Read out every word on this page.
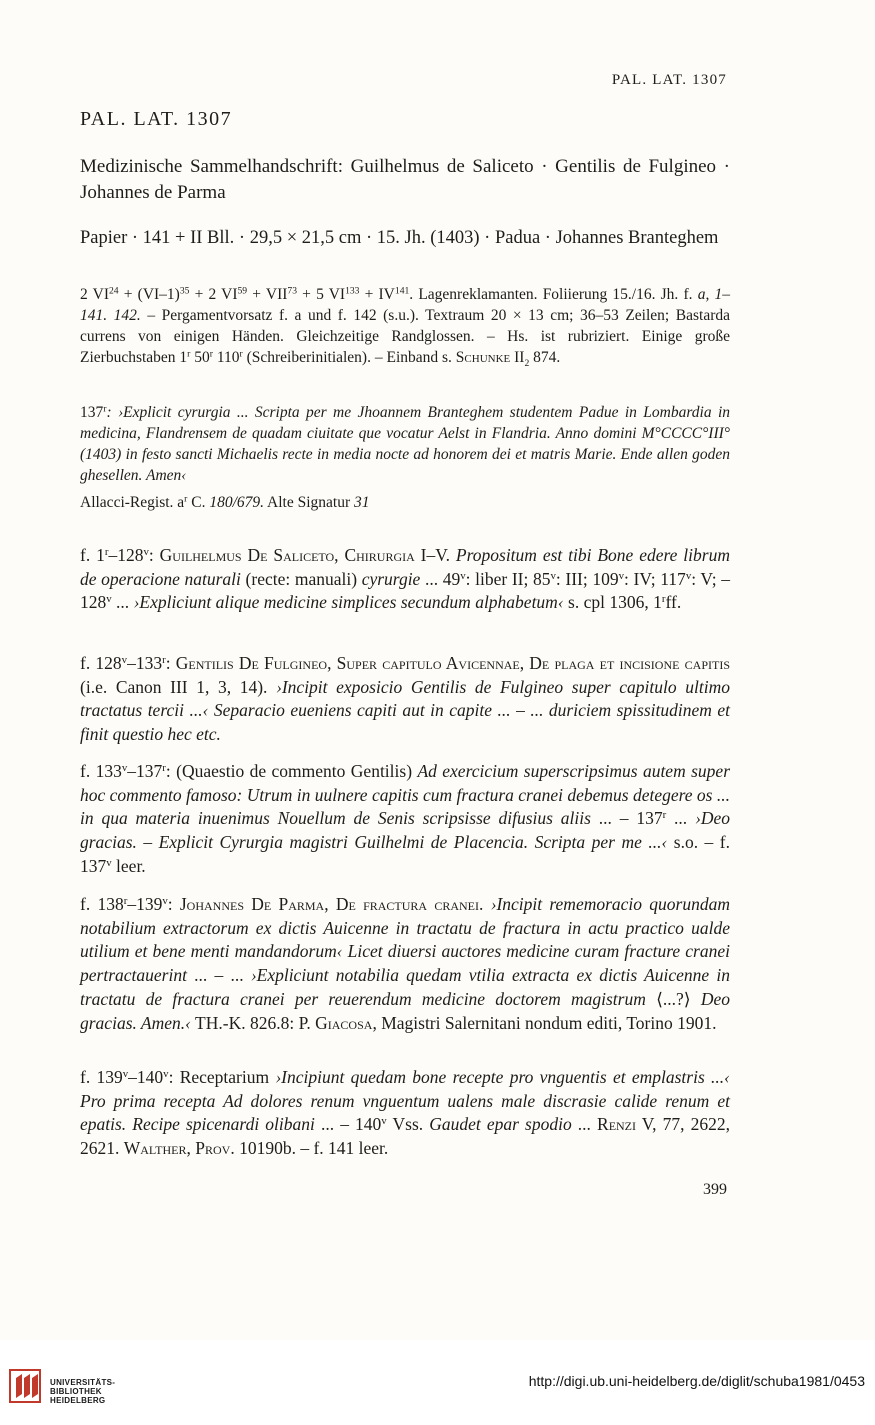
PAL. LAT. 1307
PAL. LAT. 1307
Medizinische Sammelhandschrift: Guilhelmus de Saliceto · Gentilis de Fulgineo · Johannes de Parma
Papier · 141 + II Bll. · 29,5 × 21,5 cm · 15. Jh. (1403) · Padua · Johannes Branteghem
2 $VI^{24} + (VI-1)^{35} + 2$ $VI^{59} + VII^{73} + 5$ $VI^{133} + IV^{141}$. Lagenreklamanten. Foliierung 15./16. Jh. f. a, 1–141. 142. – Pergamentvorsatz f. a und f. 142 (s.u.). Textraum 20 × 13 cm; 36–53 Zeilen; Bastarda currens von einigen Händen. Gleichzeitige Randglossen. – Hs. ist rubriziert. Einige große Zierbuchstaben 1$^r$ 50$^r$ 110$^r$ (Schreiberinitialen). – Einband s. Schunke $II_2$ 874.
137$^r$: ›Explicit cyrurgia ... Scripta per me Jhoannem Branteghem studentem Padue in Lombardia in medicina, Flandrensem de quadam ciuitate que vocatur Aelst in Flandria. Anno domini M°CCCC°III° (1403) in festo sancti Michaelis recte in media nocte ad honorem dei et matris Marie. Ende allen goden ghesellen. Amen‹
Allacci-Regist. $a^r$ C. 180/679. Alte Signatur 31
f. 1$^r$–128$^v$: Guilhelmus De Saliceto, Chirurgia I–V. Propositum est tibi Bone edere librum de operacione naturali (recte: manuali) cyrurgie ... 49$^v$: liber II; 85$^v$: III; 109$^v$: IV; 117$^v$: V; – 128$^v$ ... ›Expliciunt alique medicine simplices secundum alphabetum‹ s. cpl 1306, 1$^r$ff.
f. 128$^v$–133$^r$: Gentilis De Fulgineo, Super capitulo Avicennae, De plaga et incisione capitis (i.e. Canon III 1, 3, 14). ›Incipit exposicio Gentilis de Fulgineo super capitulo ultimo tractatus tercii ...‹ Separacio eueniens capiti aut in capite ... – ... duriciem spissitudinem et finit questio hec etc.
f. 133$^v$–137$^r$: (Quaestio de commento Gentilis) Ad exercicium superscripsimus autem super hoc commento famoso: Utrum in uulnere capitis cum fractura cranei debemus detegere os ... in qua materia inuenimus Nouellum de Senis scripsisse difusius aliis ... – 137$^r$ ... ›Deo gracias. – Explicit Cyrurgia magistri Guilhelmi de Placencia. Scripta per me ...‹ s.o. – f. 137$^v$ leer.
f. 138$^r$–139$^v$: Johannes De Parma, De fractura cranei. ›Incipit rememoracio quorundam notabilium extractorum ex dictis Auicenne in tractatu de fractura in actu practico ualde utilium et bene menti mandandorum‹ Licet diuersi auctores medicine curam fracture cranei pertractauerint ... – ... ›Expliciunt notabilia quedam vtilia extracta ex dictis Auicenne in tractatu de fractura cranei per reuerendum medicine doctorem magistrum ⟨...?⟩ Deo gracias. Amen.‹ TH.-K. 826.8: P. Giacosa, Magistri Salernitani nondum editi, Torino 1901.
f. 139$^v$–140$^v$: Receptarium ›Incipiunt quedam bone recepte pro vnguentis et emplastris ...‹ Pro prima recepta Ad dolores renum vnguentum ualens male discrasie calide renum et epatis. Recipe spicenardi olibani ... – 140$^v$ Vss. Gaudet epar spodio ... Renzi V, 77, 2622, 2621. Walther, Prov. 10190b. – f. 141 leer.
399
UNIVERSITÄTS-
BIBLIOTHEK
HEIDELBERG
http://digi.ub.uni-heidelberg.de/diglit/schuba1981/0453
